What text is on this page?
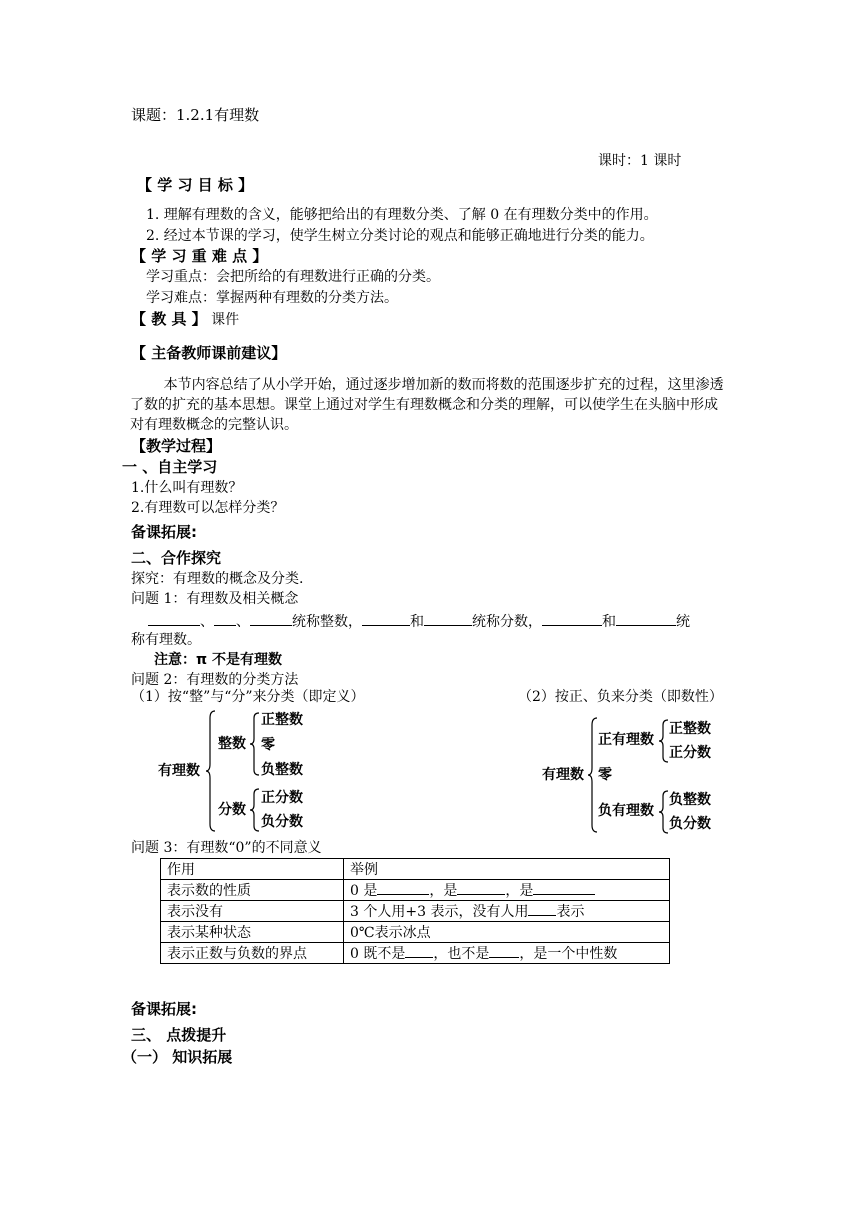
课题：1.2.1有理数
课时：1 课时
【 学 习 目 标 】
1. 理解有理数的含义，能够把给出的有理数分类、了解 0 在有理数分类中的作用。
2. 经过本节课的学习，使学生树立分类讨论的观点和能够正确地进行分类的能力。
【 学 习 重 难 点 】
学习重点：会把所给的有理数进行正确的分类。
学习难点：掌握两种有理数的分类方法。
【 教 具 】 课件
【 主备教师课前建议】
本节内容总结了从小学开始，通过逐步增加新的数而将数的范围逐步扩充的过程，这里渗透了数的扩充的基本思想。课堂上通过对学生有理数概念和分类的理解，可以使学生在头脑中形成对有理数概念的完整认识。
【教学过程】
一 、自主学习
1.什么叫有理数？
2.有理数可以怎样分类？
备课拓展:
二、合作探究
探究：有理数的概念及分类.
问题 1：有理数及相关概念
、 、	统称整数，	和	统称分数，	和	统
称有理数。
注意：π 不是有理数
问题 2：有理数的分类方法
（1）按“整”与“分”来分类（即定义）	（2）按正、负来分类（即数性）
有理数
整数
正整数
零
负整数
分数
正分数
负分数
有理数
正有理数
正整数
正分数
零
负有理数
负整数
负分数
问题 3：有理数“0”的不同意义
作用	举例
表示数的性质	0 是 ，是 ，是
表示没有	3 个人用+3 表示，没有人用 表示
表示某种状态	0℃表示冰点
表示正数与负数的界点	0 既不是 ，也不是 ，是一个中性数
备课拓展:
三、 点拨提升
（一） 知识拓展
